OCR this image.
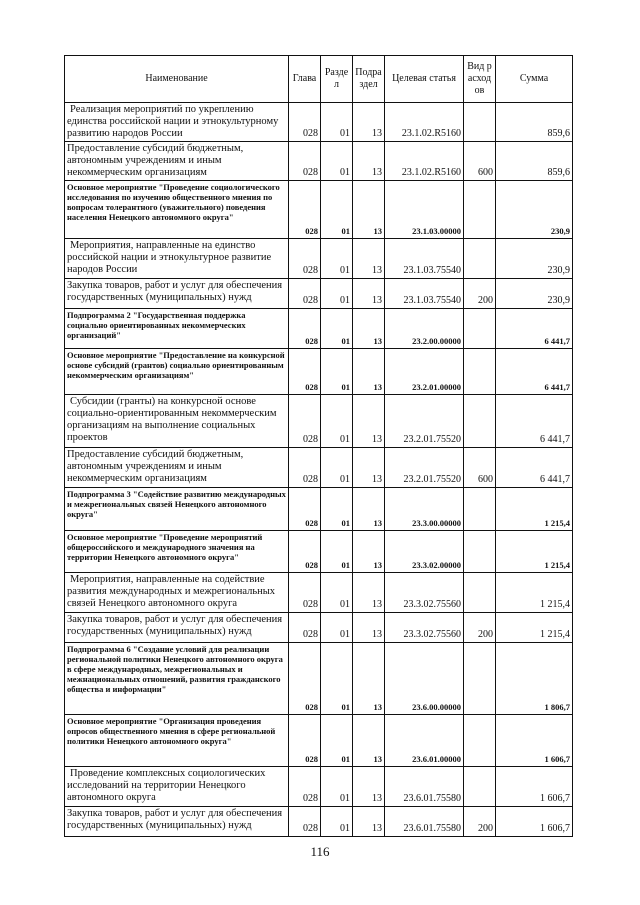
Наименование	Глава	Раздел	Подраздел	Целевая статья	Вид расходов	Сумма
Реализация мероприятий по укреплению единства российской нации и этнокультурному развитию народов России	028	01	13	23.1.02.R5160		859,6
Предоставление субсидий бюджетным, автономным учреждениям и иным некоммерческим организациям	028	01	13	23.1.02.R5160	600	859,6
Основное мероприятие "Проведение социологического исследования по изучению общественного мнения по вопросам толерантного (уважительного) поведения населения Ненецкого автономного округа"	028	01	13	23.1.03.00000		230,9
Мероприятия, направленные на единство российской нации и этнокультурное развитие народов России	028	01	13	23.1.03.75540		230,9
Закупка товаров, работ и услуг для обеспечения государственных (муниципальных) нужд	028	01	13	23.1.03.75540	200	230,9
Подпрограмма 2 "Государственная поддержка социально ориентированных некоммерческих организаций"	028	01	13	23.2.00.00000		6 441,7
Основное мероприятие "Предоставление на конкурсной основе субсидий (грантов) социально ориентированным некоммерческим организациям"	028	01	13	23.2.01.00000		6 441,7
Субсидии (гранты) на конкурсной основе социально-ориентированным некоммерческим организациям на выполнение социальных проектов	028	01	13	23.2.01.75520		6 441,7
Предоставление субсидий бюджетным, автономным учреждениям и иным некоммерческим организациям	028	01	13	23.2.01.75520	600	6 441,7
Подпрограмма 3 "Содействие развитию международных и межрегиональных связей Ненецкого автономного округа"	028	01	13	23.3.00.00000		1 215,4
Основное мероприятие "Проведение мероприятий общероссийского и международного значения на территории Ненецкого автономного округа"	028	01	13	23.3.02.00000		1 215,4
Мероприятия, направленные на содействие развития международных и межрегиональных связей Ненецкого автономного округа	028	01	13	23.3.02.75560		1 215,4
Закупка товаров, работ и услуг для обеспечения государственных (муниципальных) нужд	028	01	13	23.3.02.75560	200	1 215,4
Подпрограмма 6 "Создание условий для реализации региональной политики Ненецкого автономного округа в сфере международных, межрегиональных и межнациональных отношений, развития гражданского общества и информации"	028	01	13	23.6.00.00000		1 806,7
Основное мероприятие "Организация проведения опросов общественного мнения в сфере региональной политики Ненецкого автономного округа"	028	01	13	23.6.01.00000		1 606,7
Проведение комплексных социологических исследований на территории Ненецкого автономного округа	028	01	13	23.6.01.75580		1 606,7
Закупка товаров, работ и услуг для обеспечения государственных (муниципальных) нужд	028	01	13	23.6.01.75580	200	1 606,7
116
